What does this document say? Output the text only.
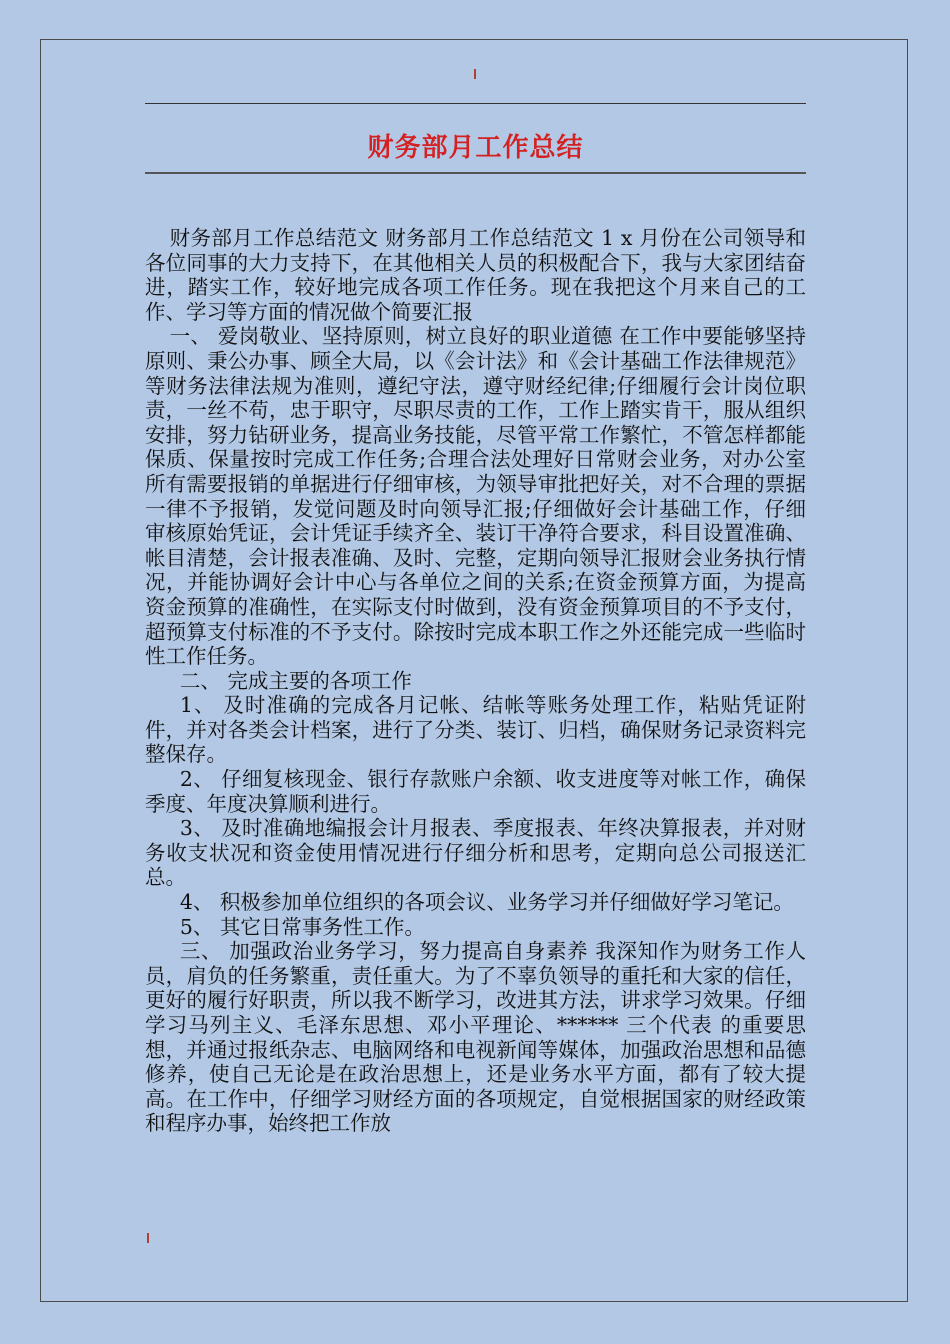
财务部月工作总结

财务部月工作总结范文 财务部月工作总结范文 1 x 月份在公司领导和各位同事的大力支持下，在其他相关人员的积极配合下，我与大家团结奋进，踏实工作，较好地完成各项工作任务。现在我把这个月来自己的工作、学习等方面的情况做个简要汇报

一、 爱岗敬业、坚持原则，树立良好的职业道德 在工作中要能够坚持原则、秉公办事、顾全大局，以《会计法》和《会计基础工作法律规范》等财务法律法规为准则，遵纪守法，遵守财经纪律;仔细履行会计岗位职责，一丝不苟，忠于职守，尽职尽责的工作，工作上踏实肯干，服从组织安排，努力钻研业务，提高业务技能，尽管平常工作繁忙，不管怎样都能保质、保量按时完成工作任务;合理合法处理好日常财会业务，对办公室所有需要报销的单据进行仔细审核，为领导审批把好关，对不合理的票据一律不予报销，发觉问题及时向领导汇报;仔细做好会计基础工作，仔细审核原始凭证，会计凭证手续齐全、装订干净符合要求，科目设置准确、帐目清楚，会计报表准确、及时、完整，定期向领导汇报财会业务执行情况，并能协调好会计中心与各单位之间的关系;在资金预算方面，为提高资金预算的准确性，在实际支付时做到，没有资金预算项目的不予支付，超预算支付标准的不予支付。除按时完成本职工作之外还能完成一些临时性工作任务。

二、 完成主要的各项工作

1、 及时准确的完成各月记帐、结帐等账务处理工作，粘贴凭证附件，并对各类会计档案，进行了分类、装订、归档，确保财务记录资料完整保存。

2、 仔细复核现金、银行存款账户余额、收支进度等对帐工作，确保季度、年度决算顺利进行。

3、 及时准确地编报会计月报表、季度报表、年终决算报表，并对财务收支状况和资金使用情况进行仔细分析和思考，定期向总公司报送汇总。

4、 积极参加单位组织的各项会议、业务学习并仔细做好学习笔记。

5、 其它日常事务性工作。

三、 加强政治业务学习，努力提高自身素养 我深知作为财务工作人员，肩负的任务繁重，责任重大。为了不辜负领导的重托和大家的信任，更好的履行好职责，所以我不断学习，改进其方法，讲求学习效果。仔细学习马列主义、毛泽东思想、邓小平理论、****** 三个代表 的重要思想，并通过报纸杂志、电脑网络和电视新闻等媒体，加强政治思想和品德修养，使自己无论是在政治思想上，还是业务水平方面，都有了较大提高。在工作中，仔细学习财经方面的各项规定，自觉根据国家的财经政策和程序办事，始终把工作放
